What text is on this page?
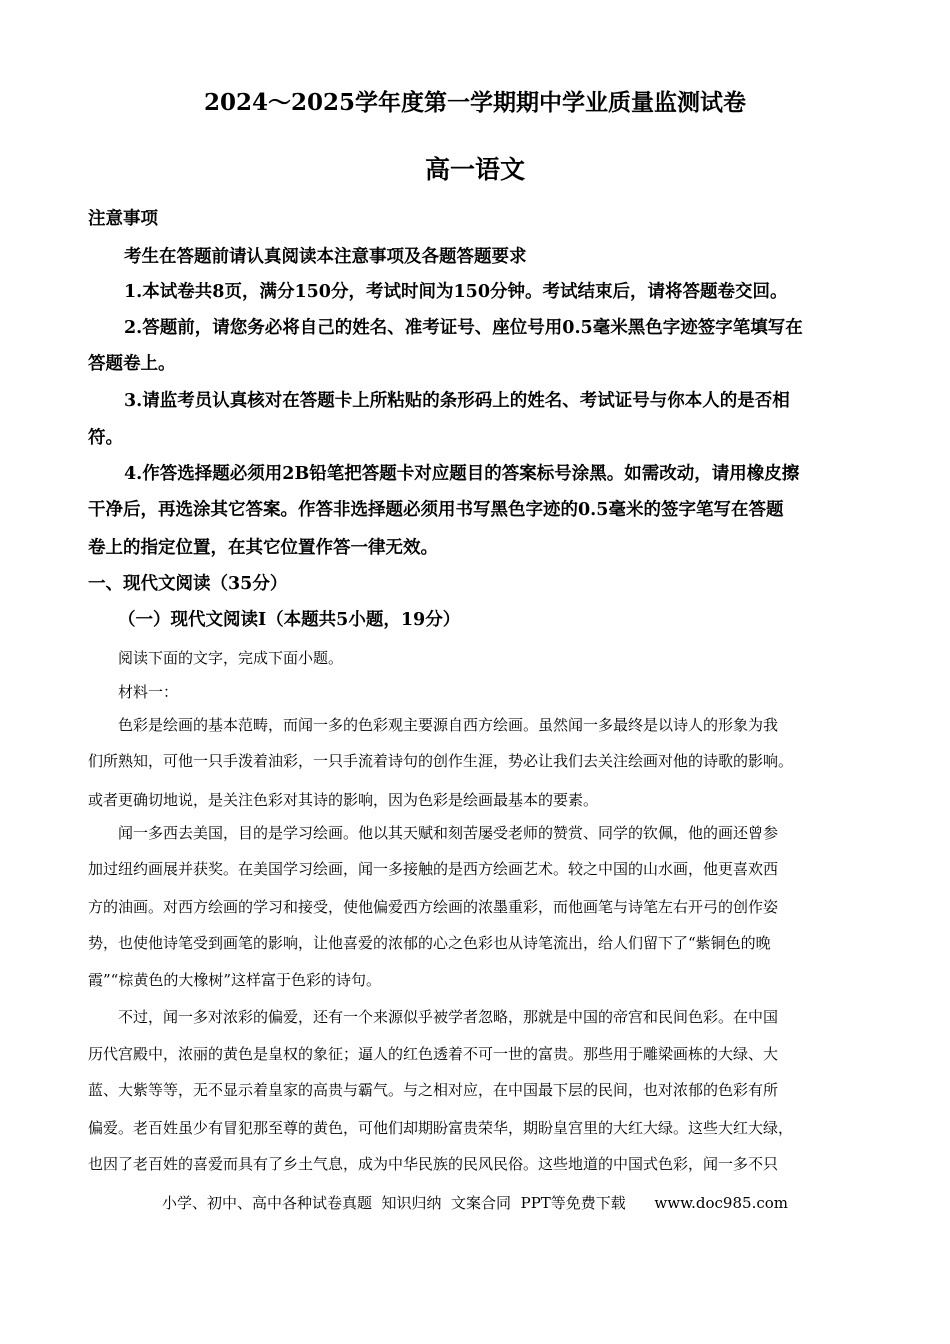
2024～2025学年度第一学期期中学业质量监测试卷
高一语文
注意事项
考生在答题前请认真阅读本注意事项及各题答题要求
1.本试卷共8页，满分150分，考试时间为150分钟。考试结束后，请将答题卷交回。
2.答题前，请您务必将自己的姓名、准考证号、座位号用0.5毫米黑色字迹签字笔填写在
答题卷上。
3.请监考员认真核对在答题卡上所粘贴的条形码上的姓名、考试证号与你本人的是否相
符。
4.作答选择题必须用2B铅笔把答题卡对应题目的答案标号涂黑。如需改动，请用橡皮擦
干净后，再选涂其它答案。作答非选择题必须用书写黑色字迹的0.5毫米的签字笔写在答题
卷上的指定位置，在其它位置作答一律无效。
一、现代文阅读（35分）
（一）现代文阅读Ⅰ（本题共5小题，19分）
阅读下面的文字，完成下面小题。
材料一：
色彩是绘画的基本范畴，而闻一多的色彩观主要源自西方绘画。虽然闻一多最终是以诗人的形象为我
们所熟知，可他一只手泼着油彩，一只手流着诗句的创作生涯，势必让我们去关注绘画对他的诗歌的影响。
或者更确切地说，是关注色彩对其诗的影响，因为色彩是绘画最基本的要素。
闻一多西去美国，目的是学习绘画。他以其天赋和刻苦屡受老师的赞赏、同学的钦佩，他的画还曾参
加过纽约画展并获奖。在美国学习绘画，闻一多接触的是西方绘画艺术。较之中国的山水画，他更喜欢西
方的油画。对西方绘画的学习和接受，使他偏爱西方绘画的浓墨重彩，而他画笔与诗笔左右开弓的创作姿
势，也使他诗笔受到画笔的影响，让他喜爱的浓郁的心之色彩也从诗笔流出，给人们留下了“紫铜色的晚
霞”“棕黄色的大橡树”这样富于色彩的诗句。
不过，闻一多对浓彩的偏爱，还有一个来源似乎被学者忽略，那就是中国的帝宫和民间色彩。在中国
历代宫殿中，浓丽的黄色是皇权的象征；逼人的红色透着不可一世的富贵。那些用于雕梁画栋的大绿、大
蓝、大紫等等，无不显示着皇家的高贵与霸气。与之相对应，在中国最下层的民间，也对浓郁的色彩有所
偏爱。老百姓虽少有冒犯那至尊的黄色，可他们却期盼富贵荣华，期盼皇宫里的大红大绿。这些大红大绿，
也因了老百姓的喜爱而具有了乡土气息，成为中华民族的民风民俗。这些地道的中国式色彩，闻一多不只
小学、初中、高中各种试卷真题  知识归纳  文案合同  PPT等免费下载      www.doc985.com
